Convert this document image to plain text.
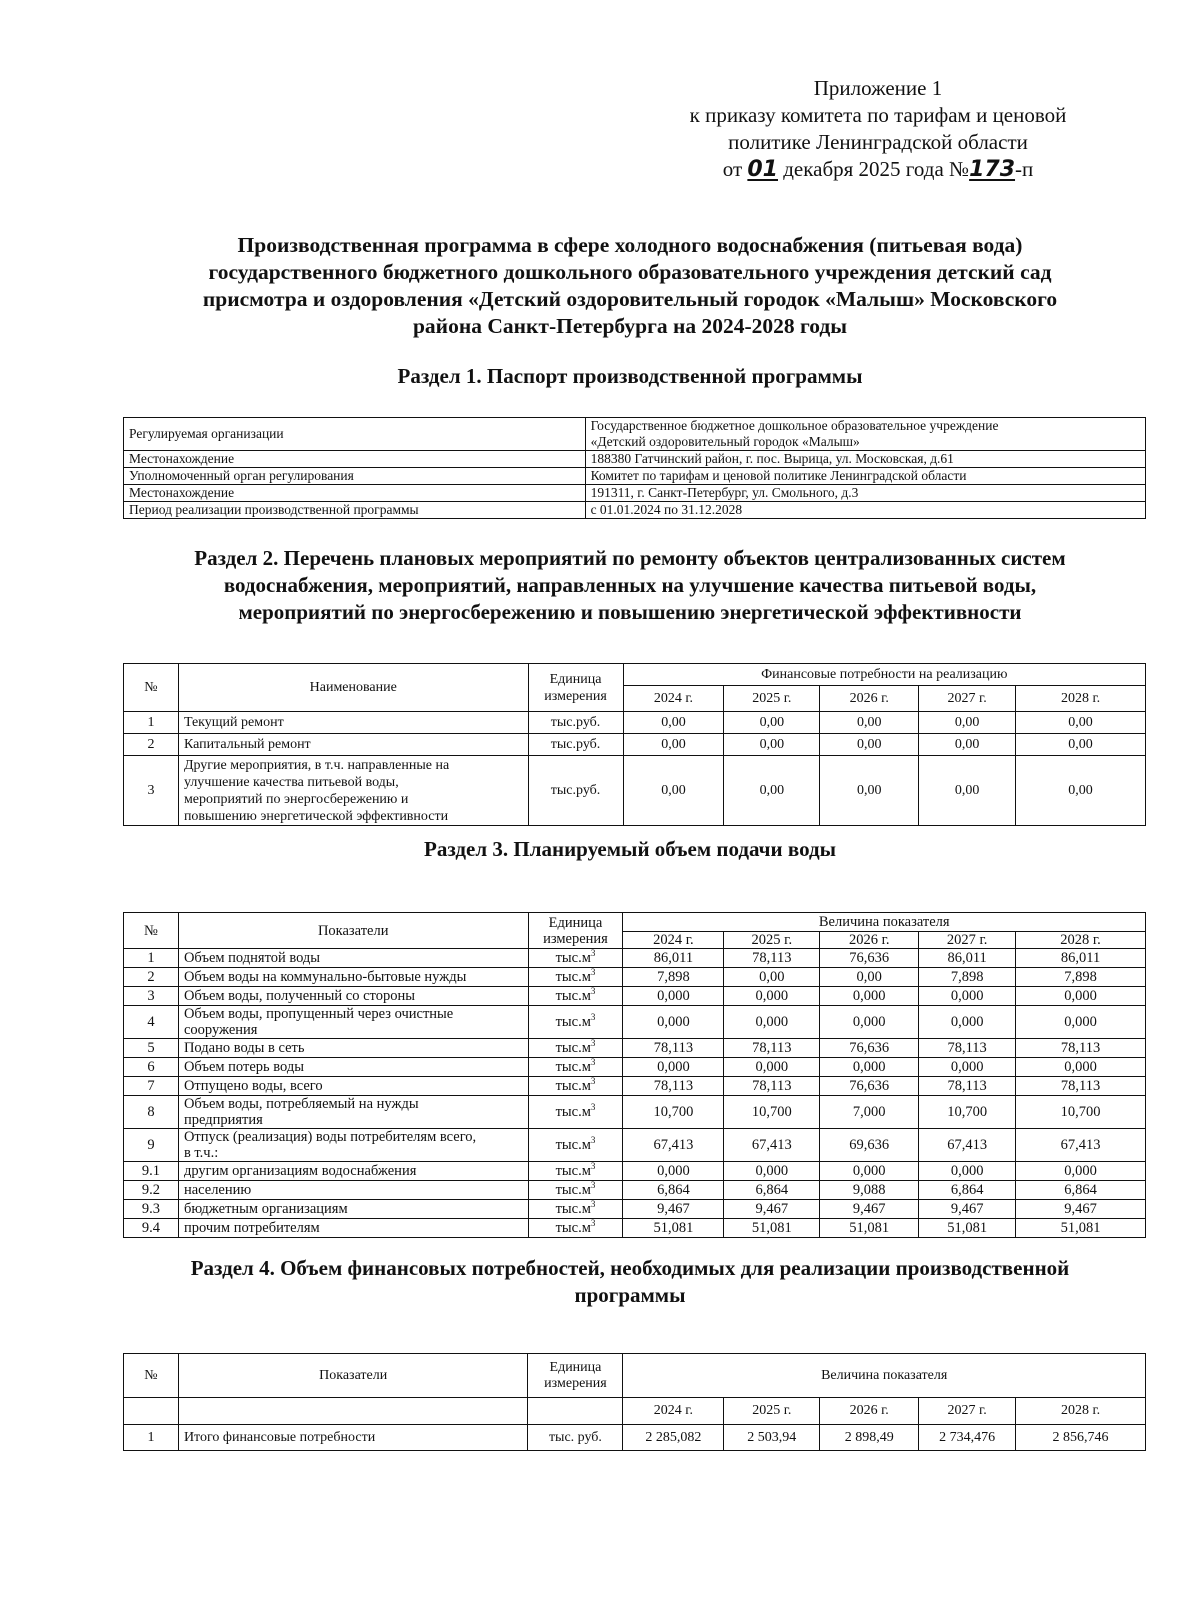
Приложение 1
к приказу комитета по тарифам и ценовой
политике Ленинградской области
от 01 декабря 2025 года №173-п
Производственная программа в сфере холодного водоснабжения (питьевая вода)
государственного бюджетного дошкольного образовательного учреждения детский сад
присмотра и оздоровления «Детский оздоровительный городок «Малыш» Московского
района Санкт-Петербурга на 2024-2028 годы
Раздел 1. Паспорт производственной программы
Регулируемая организации	Государственное бюджетное дошкольное образовательное учреждение
«Детский оздоровительный городок «Малыш»

Местонахождение	188380 Гатчинский район, г. пос. Вырица, ул. Московская, д.61

Уполномоченный орган регулирования	Комитет по тарифам и ценовой политике Ленинградской области

Местонахождение	191311, г. Санкт-Петербург, ул. Смольного, д.3

Период реализации производственной программы	с 01.01.2024 по 31.12.2028
Раздел 2. Перечень плановых мероприятий по ремонту объектов централизованных систем
водоснабжения, мероприятий, направленных на улучшение качества питьевой воды,
мероприятий по энергосбережению и повышению энергетической эффективности
№	Наименование	Единица
измерения	Финансовые потребности на реализацию				
			2024 г.	2025 г.	2026 г.	2027 г.	2028 г.
1	Текущий ремонт	тыс.руб.	0,00	0,00	0,00	0,00	0,00
2	Капитальный ремонт	тыс.руб.	0,00	0,00	0,00	0,00	0,00
3	Другие мероприятия, в т.ч. направленные на
улучшение качества питьевой воды,
мероприятий по энергосбережению и
повышению энергетической эффективности	тыс.руб.	0,00	0,00	0,00	0,00	0,00
Раздел 3. Планируемый объем подачи воды
№	Показатели	Единица
измерения	Величина показателя				
			2024 г.	2025 г.	2026 г.	2027 г.	2028 г.
1	Объем поднятой воды	$тыс.м^3$	86,011	78,113	76,636	86,011	86,011
2	Объем воды на коммунально-бытовые нужды	$тыс.м^3$	7,898	0,00	0,00	7,898	7,898
3	Объем воды, полученный со стороны	$тыс.м^3$	0,000	0,000	0,000	0,000	0,000
4	Объем воды, пропущенный через очистные
сооружения	$тыс.м^3$	0,000	0,000	0,000	0,000	0,000
5	Подано воды в сеть	$тыс.м^3$	78,113	78,113	76,636	78,113	78,113
6	Объем потерь воды	$тыс.м^3$	0,000	0,000	0,000	0,000	0,000
7	Отпущено воды, всего	$тыс.м^3$	78,113	78,113	76,636	78,113	78,113
8	Объем воды, потребляемый на нужды
предприятия	$тыс.м^3$	10,700	10,700	7,000	10,700	10,700
9	Отпуск (реализация) воды потребителям всего,
в т.ч.:	$тыс.м^3$	67,413	67,413	69,636	67,413	67,413
9.1	другим организациям водоснабжения	$тыс.м^3$	0,000	0,000	0,000	0,000	0,000
9.2	населению	$тыс.м^3$	6,864	6,864	9,088	6,864	6,864
9.3	бюджетным организациям	$тыс.м^3$	9,467	9,467	9,467	9,467	9,467
9.4	прочим потребителям	$тыс.м^3$	51,081	51,081	51,081	51,081	51,081
Раздел 4. Объем финансовых потребностей, необходимых для реализации производственной
программы
№	Показатели	Единица
измерения	Величина показателя				
			2024 г.	2025 г.	2026 г.	2027 г.	2028 г.
1	Итого финансовые потребности	тыс. руб.	2 285,082	2 503,94	2 898,49	2 734,476	2 856,746
